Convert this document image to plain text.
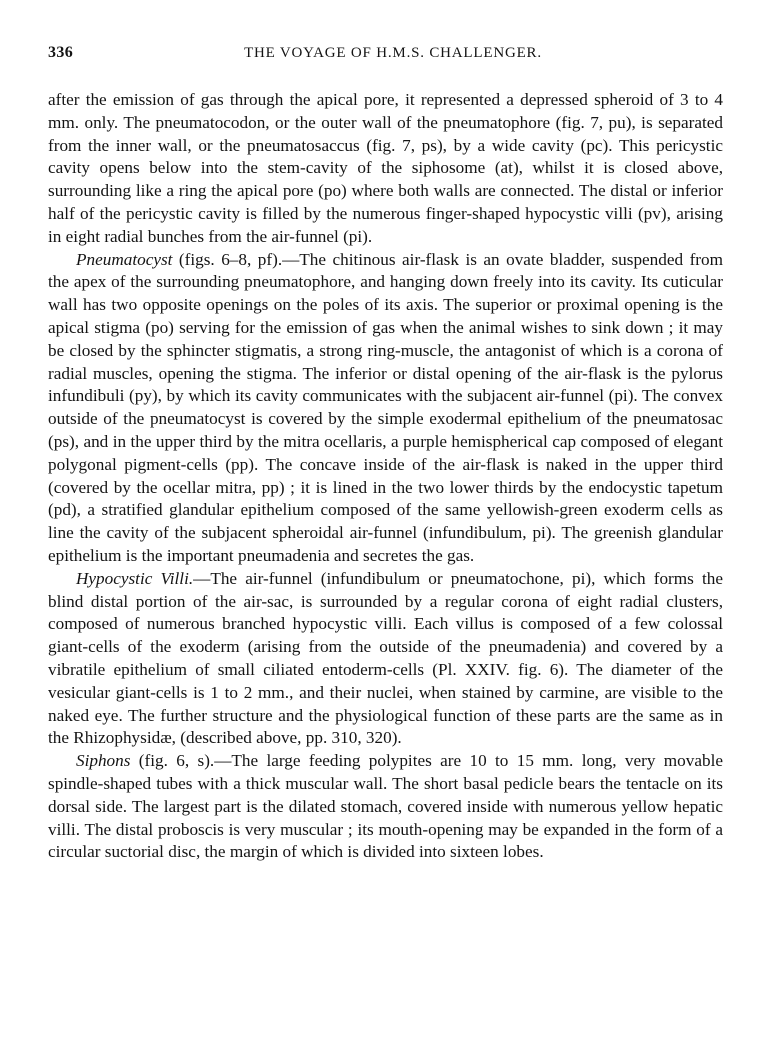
336	THE VOYAGE OF H.M.S. CHALLENGER.

after the emission of gas through the apical pore, it represented a depressed spheroid of 3 to 4 mm. only. The pneumatocodon, or the outer wall of the pneumatophore (fig. 7, pu), is separated from the inner wall, or the pneumatosaccus (fig. 7, ps), by a wide cavity (pc). This pericystic cavity opens below into the stem-cavity of the siphosome (at), whilst it is closed above, surrounding like a ring the apical pore (po) where both walls are connected. The distal or inferior half of the pericystic cavity is filled by the numerous finger-shaped hypocystic villi (pv), arising in eight radial bunches from the air-funnel (pi).

Pneumatocyst (figs. 6–8, pf).—The chitinous air-flask is an ovate bladder, suspended from the apex of the surrounding pneumatophore, and hanging down freely into its cavity. Its cuticular wall has two opposite openings on the poles of its axis. The superior or proximal opening is the apical stigma (po) serving for the emission of gas when the animal wishes to sink down ; it may be closed by the sphincter stigmatis, a strong ring-muscle, the antagonist of which is a corona of radial muscles, opening the stigma. The inferior or distal opening of the air-flask is the pylorus infundibuli (py), by which its cavity communicates with the subjacent air-funnel (pi). The convex outside of the pneumatocyst is covered by the simple exodermal epithelium of the pneumatosac (ps), and in the upper third by the mitra ocellaris, a purple hemispherical cap composed of elegant polygonal pigment-cells (pp). The concave inside of the air-flask is naked in the upper third (covered by the ocellar mitra, pp) ; it is lined in the two lower thirds by the endocystic tapetum (pd), a stratified glandular epithelium composed of the same yellowish-green exoderm cells as line the cavity of the subjacent spheroidal air-funnel (infundibulum, pi). The greenish glandular epithelium is the important pneumadenia and secretes the gas.

Hypocystic Villi.—The air-funnel (infundibulum or pneumatochone, pi), which forms the blind distal portion of the air-sac, is surrounded by a regular corona of eight radial clusters, composed of numerous branched hypocystic villi. Each villus is composed of a few colossal giant-cells of the exoderm (arising from the outside of the pneumadenia) and covered by a vibratile epithelium of small ciliated entoderm-cells (Pl. XXIV. fig. 6). The diameter of the vesicular giant-cells is 1 to 2 mm., and their nuclei, when stained by carmine, are visible to the naked eye. The further structure and the physiological function of these parts are the same as in the Rhizophysidæ, (described above, pp. 310, 320).

Siphons (fig. 6, s).—The large feeding polypites are 10 to 15 mm. long, very movable spindle-shaped tubes with a thick muscular wall. The short basal pedicle bears the tentacle on its dorsal side. The largest part is the dilated stomach, covered inside with numerous yellow hepatic villi. The distal proboscis is very muscular ; its mouth-opening may be expanded in the form of a circular suctorial disc, the margin of which is divided into sixteen lobes.
